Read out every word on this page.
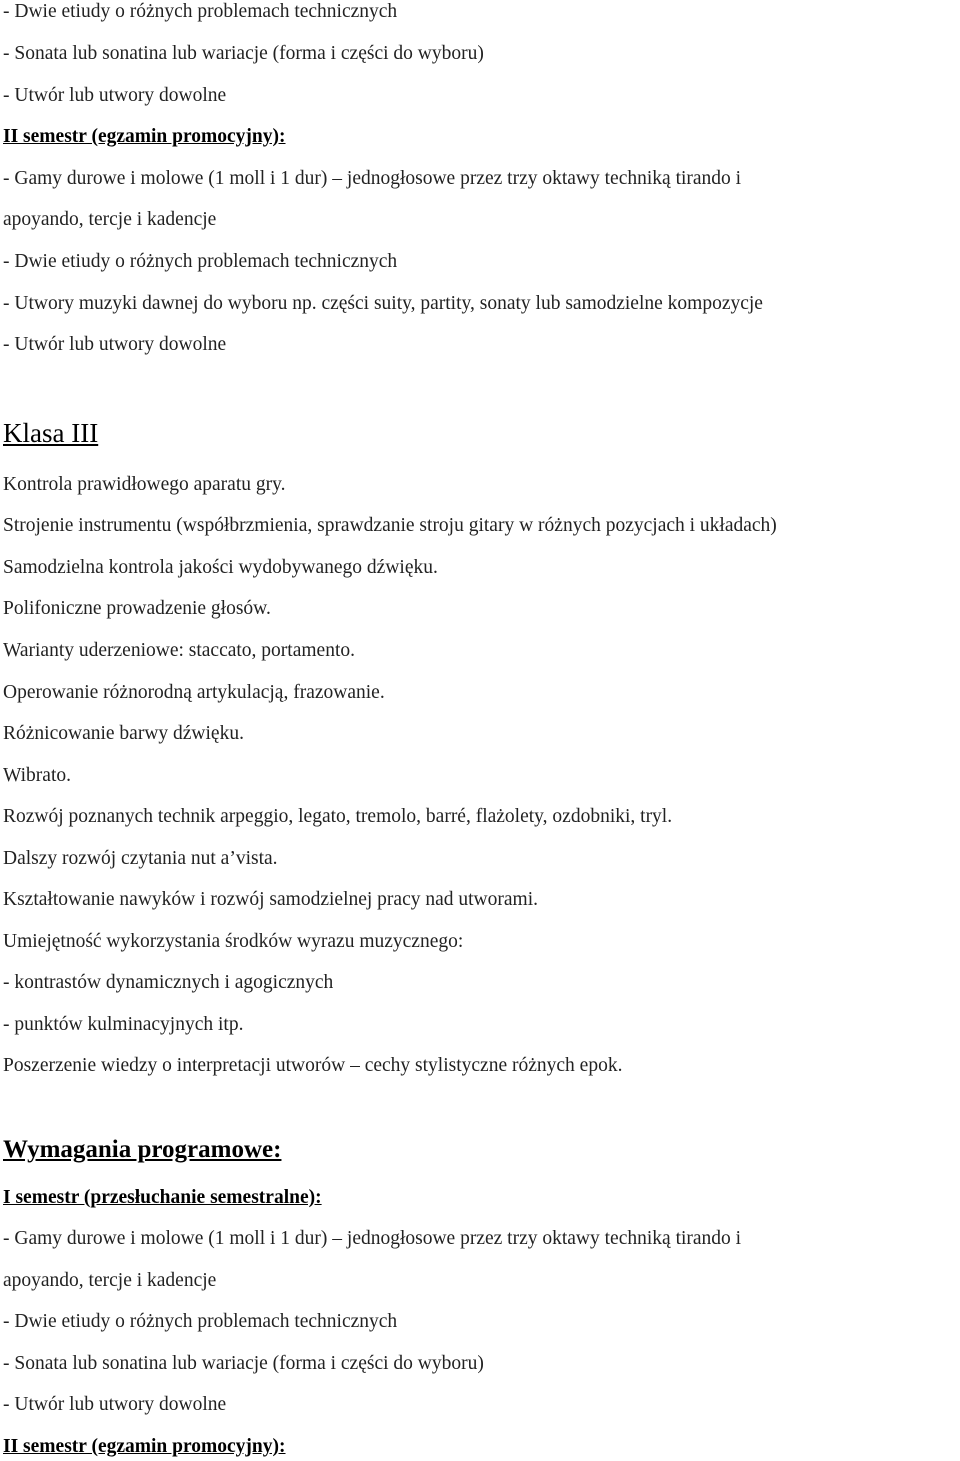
- Dwie etiudy o różnych problemach technicznych
- Sonata lub sonatina lub wariacje (forma i części do wyboru)
- Utwór lub utwory dowolne
II semestr (egzamin promocyjny):
- Gamy durowe i molowe (1 moll i 1 dur) – jednogłosowe przez trzy oktawy techniką tirando i
apoyando, tercje i kadencje
- Dwie etiudy o różnych problemach technicznych
- Utwory muzyki dawnej do wyboru np. części suity, partity, sonaty lub samodzielne kompozycje
- Utwór lub utwory dowolne
Klasa III
Kontrola prawidłowego aparatu gry.
Strojenie instrumentu (współbrzmienia, sprawdzanie stroju gitary w różnych pozycjach i układach)
Samodzielna kontrola jakości wydobywanego dźwięku.
Polifoniczne prowadzenie głosów.
Warianty uderzeniowe: staccato, portamento.
Operowanie różnorodną artykulacją, frazowanie.
Różnicowanie barwy dźwięku.
Wibrato.
Rozwój poznanych technik arpeggio, legato, tremolo, barré, flażolety, ozdobniki, tryl.
Dalszy rozwój czytania nut a’vista.
Kształtowanie nawyków i rozwój samodzielnej pracy nad utworami.
Umiejętność wykorzystania środków wyrazu muzycznego:
- kontrastów dynamicznych i agogicznych
- punktów kulminacyjnych itp.
Poszerzenie wiedzy o interpretacji utworów – cechy stylistyczne różnych epok.
Wymagania programowe:
I semestr (przesłuchanie semestralne):
- Gamy durowe i molowe (1 moll i 1 dur) – jednogłosowe przez trzy oktawy techniką tirando i
apoyando, tercje i kadencje
- Dwie etiudy o różnych problemach technicznych
- Sonata lub sonatina lub wariacje (forma i części do wyboru)
- Utwór lub utwory dowolne
II semestr (egzamin promocyjny):
